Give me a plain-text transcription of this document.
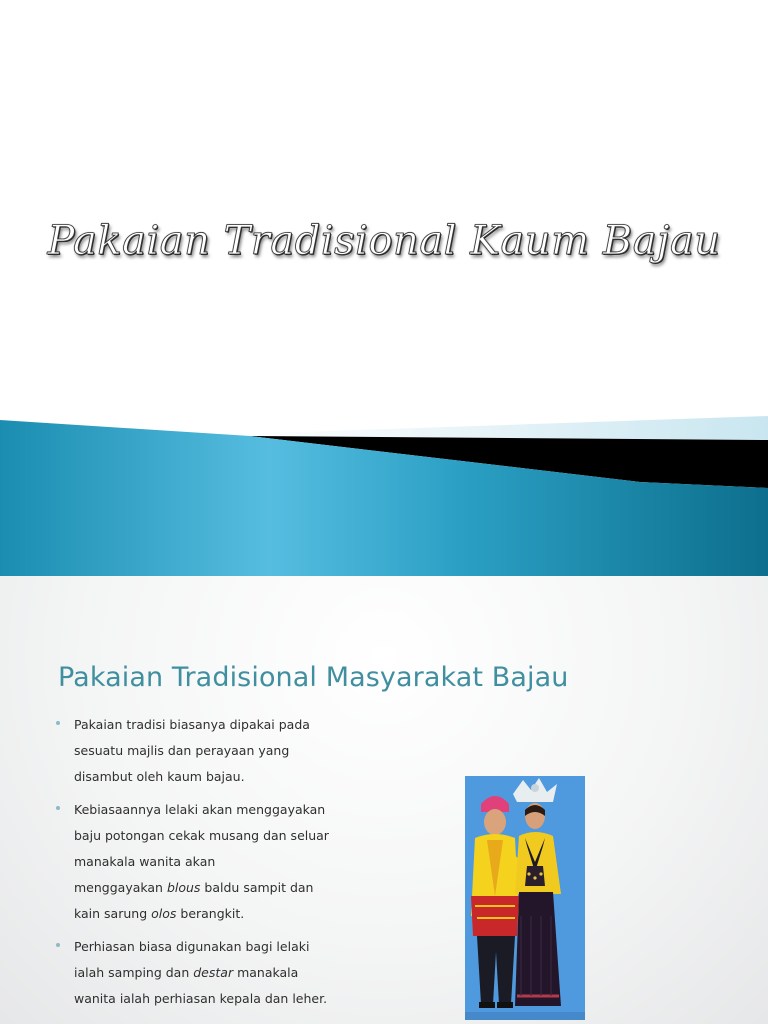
Pakaian Tradisional Kaum Bajau
Pakaian Tradisional Masyarakat Bajau
Pakaian tradisi biasanya dipakai pada
sesuatu majlis dan perayaan yang
disambut oleh kaum bajau.
Kebiasaannya lelaki akan menggayakan
baju potongan cekak musang dan seluar
manakala wanita akan
menggayakan blous baldu sampit dan
kain sarung olos berangkit.
Perhiasan biasa digunakan bagi lelaki
ialah samping dan destar manakala
wanita ialah perhiasan kepala dan leher.
